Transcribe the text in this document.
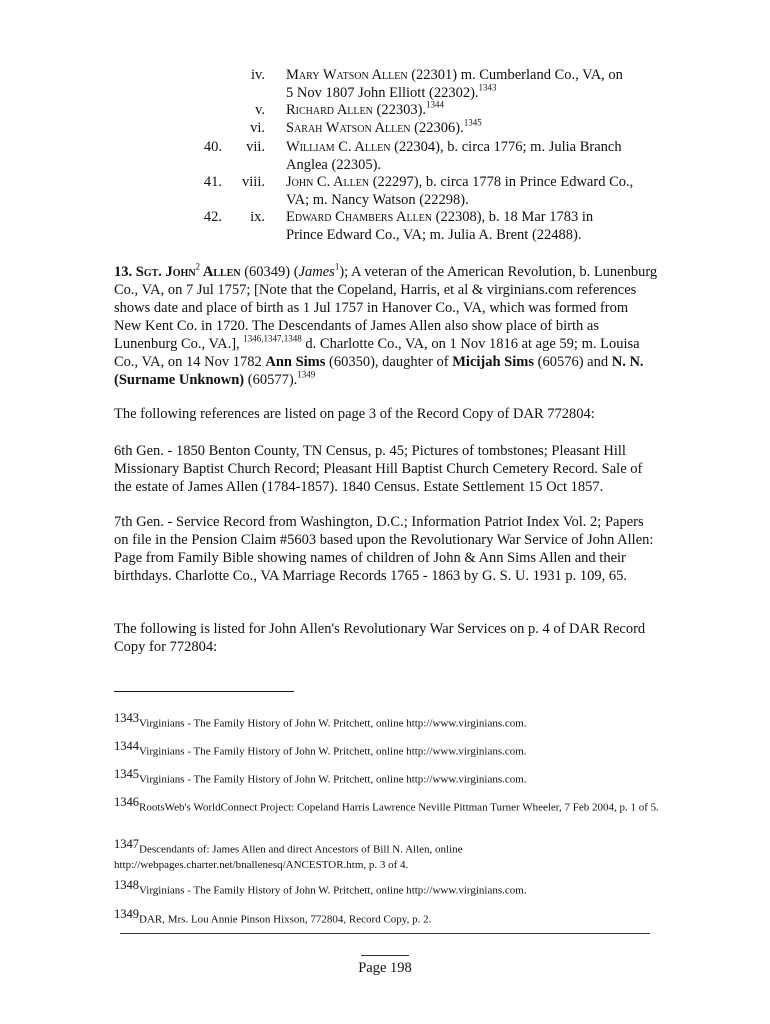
iv. Mary Watson Allen (22301) m. Cumberland Co., VA, on
5 Nov 1807 John Elliott (22302).$^{1343}$
v. Richard Allen (22303).$^{1344}$
vi. Sarah Watson Allen (22306).$^{1345}$
40.	vii. William C. Allen (22304), b. circa 1776; m. Julia Branch
Anglea (22305).
41.	viii. John C. Allen (22297), b. circa 1778 in Prince Edward Co.,
VA; m. Nancy Watson (22298).
42.	ix. Edward Chambers Allen (22308), b. 18 Mar 1783 in
Prince Edward Co., VA; m. Julia A. Brent (22488).
13. Sgt. John$^2$ Allen (60349) (James$^1$); A veteran of the American Revolution, b. Lunenburg Co., VA, on 7 Jul 1757; [Note that the Copeland, Harris, et al & virginians.com references shows date and place of birth as 1 Jul 1757 in Hanover Co., VA, which was formed from New Kent Co. in 1720. The Descendants of James Allen also show place of birth as Lunenburg Co., VA.], $^{1346,1347,1348}$ d. Charlotte Co., VA, on 1 Nov 1816 at age 59; m. Louisa Co., VA, on 14 Nov 1782 Ann Sims (60350), daughter of Micijah Sims (60576) and N. N. (Surname Unknown) (60577).$^{1349}$
The following references are listed on page 3 of the Record Copy of DAR 772804:
6th Gen. - 1850 Benton County, TN Census, p. 45; Pictures of tombstones; Pleasant Hill Missionary Baptist Church Record; Pleasant Hill Baptist Church Cemetery Record. Sale of the estate of James Allen (1784-1857). 1840 Census. Estate Settlement 15 Oct 1857.
7th Gen. - Service Record from Washington, D.C.; Information Patriot Index Vol. 2; Papers on file in the Pension Claim #5603 based upon the Revolutionary War Service of John Allen: Page from Family Bible showing names of children of John & Ann Sims Allen and their birthdays. Charlotte Co., VA Marriage Records 1765 - 1863 by G. S. U. 1931 p. 109, 65.
The following is listed for John Allen's Revolutionary War Services on p. 4 of DAR Record Copy for 772804:
1343Virginians - The Family History of John W. Pritchett, online http://www.virginians.com.
1344Virginians - The Family History of John W. Pritchett, online http://www.virginians.com.
1345Virginians - The Family History of John W. Pritchett, online http://www.virginians.com.
1346RootsWeb's WorldConnect Project: Copeland Harris Lawrence Neville Pittman Turner Wheeler, 7 Feb 2004, p. 1 of 5.
1347Descendants of: James Allen and direct Ancestors of Bill N. Allen, online http://webpages.charter.net/bnallenesq/ANCESTOR.htm, p. 3 of 4.
1348Virginians - The Family History of John W. Pritchett, online http://www.virginians.com.
1349DAR, Mrs. Lou Annie Pinson Hixson, 772804, Record Copy, p. 2.
Page 198
